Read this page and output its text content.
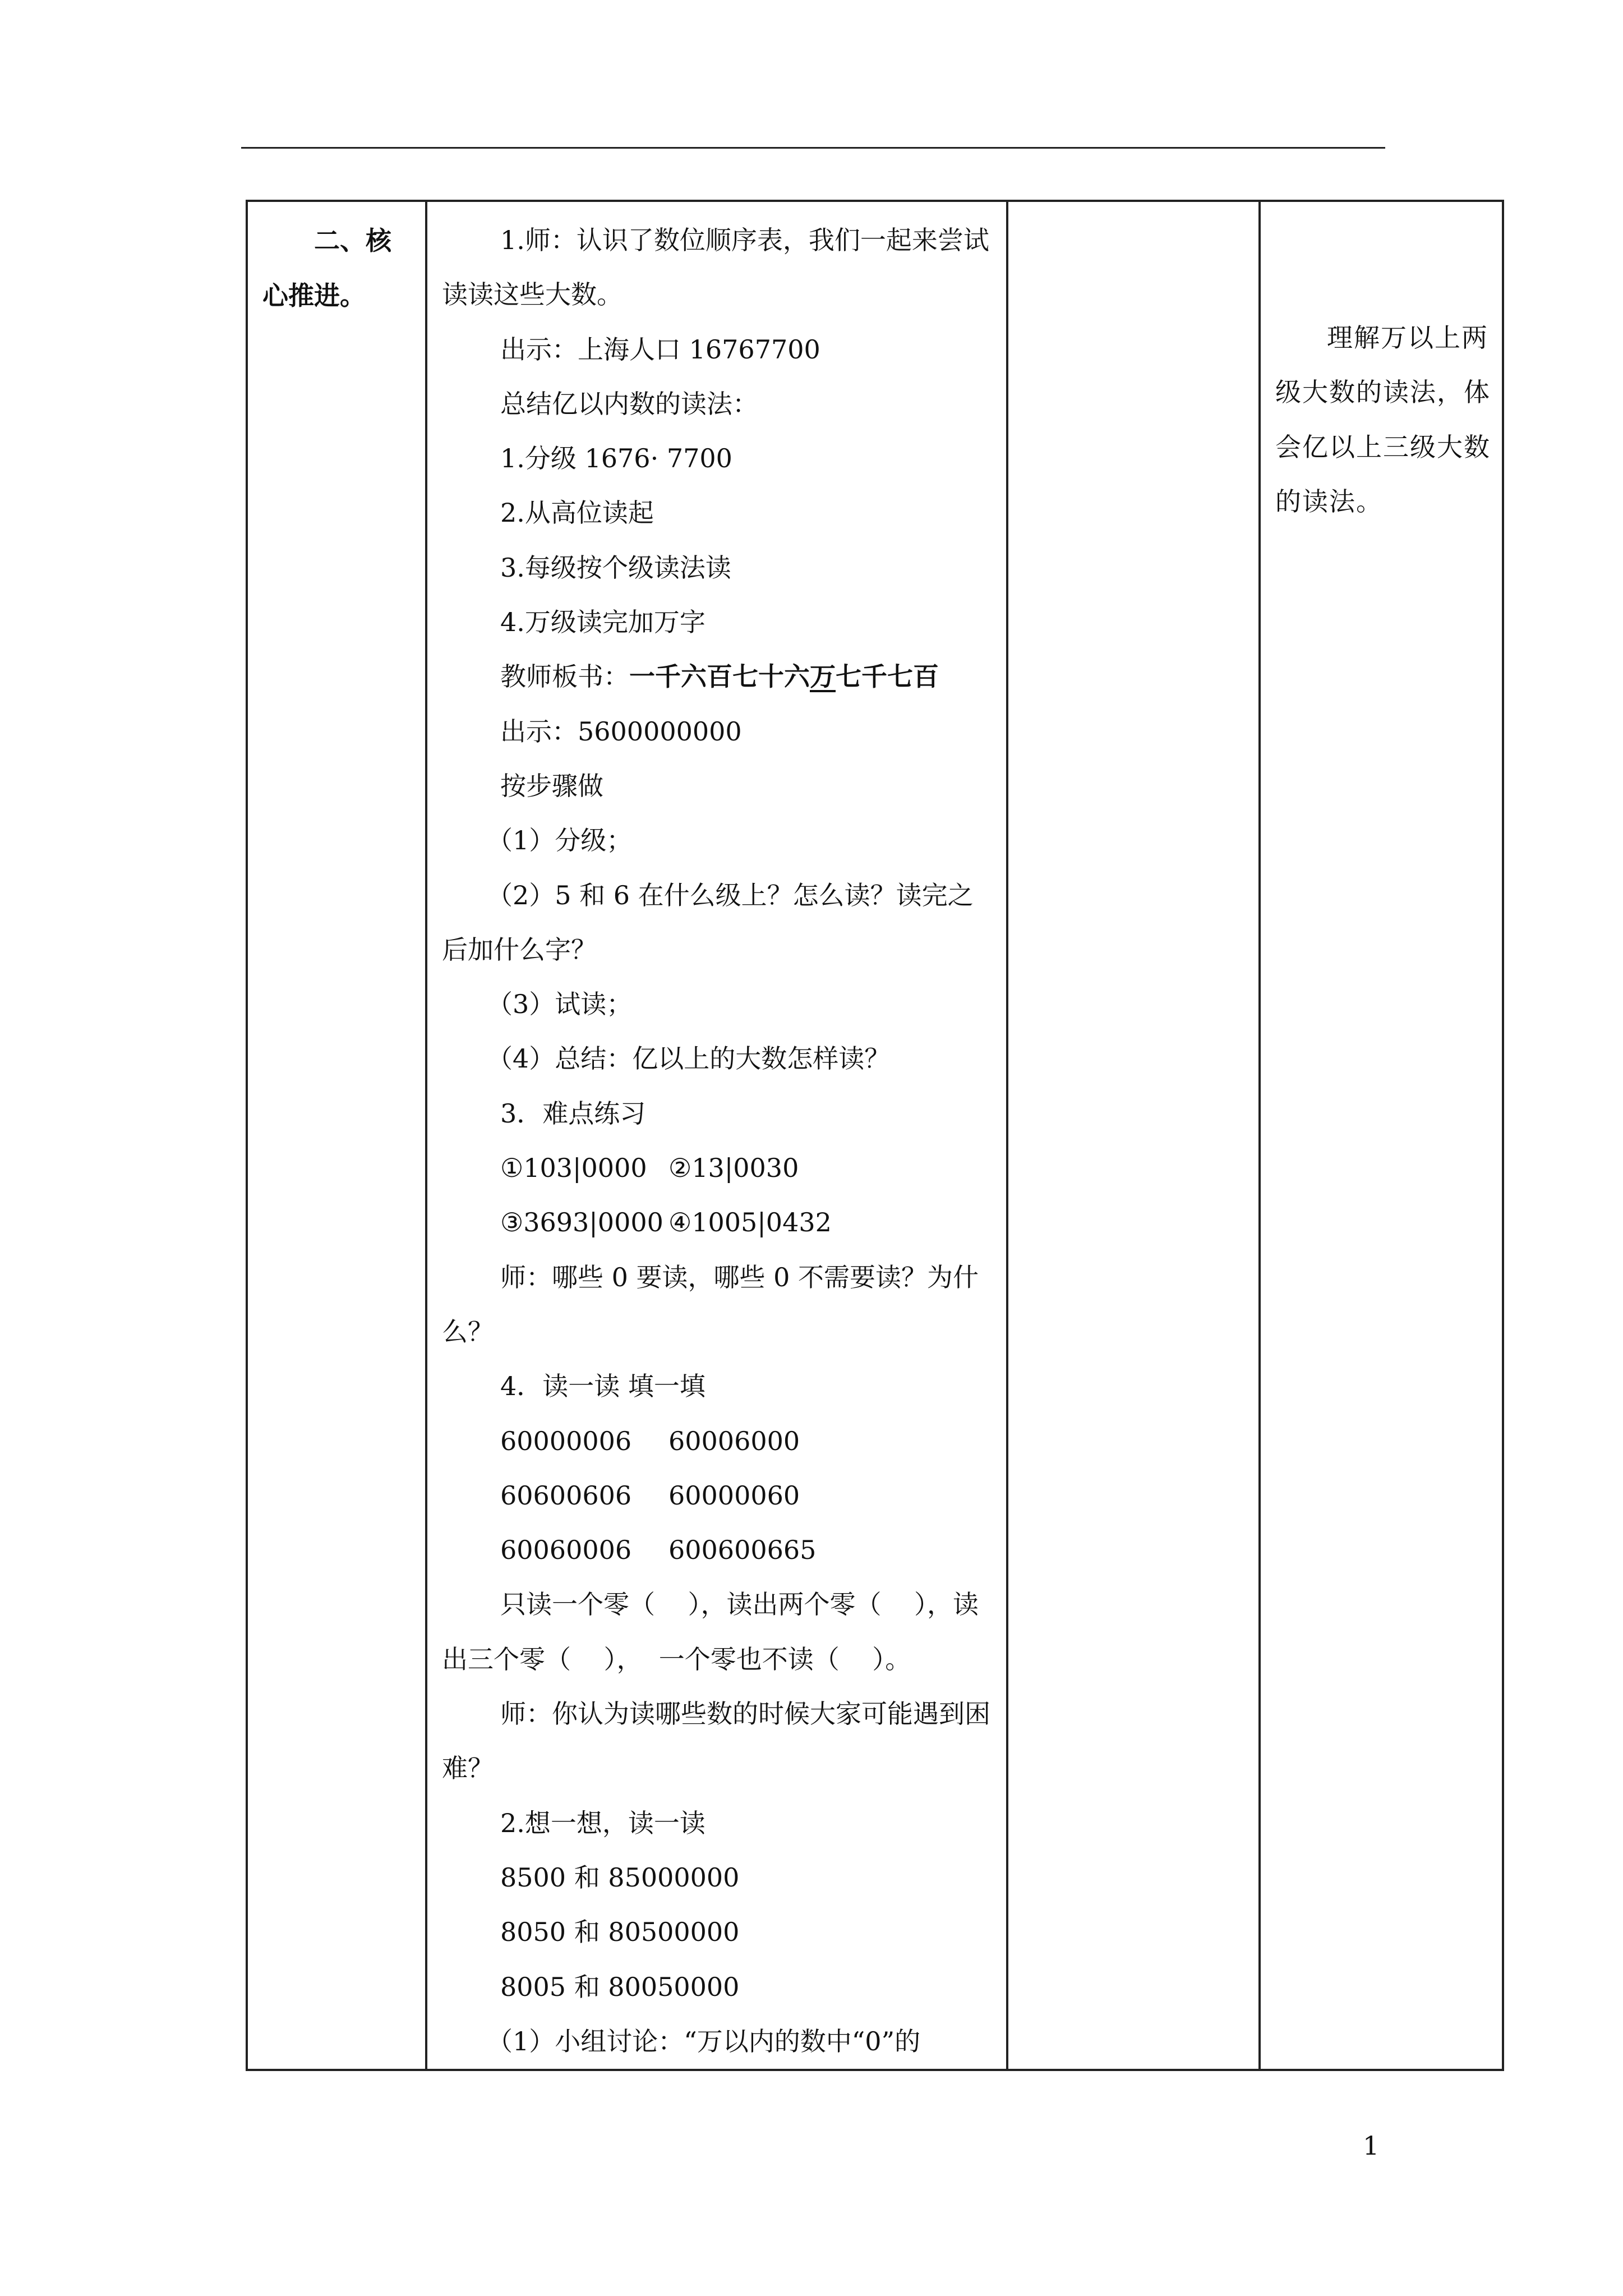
二、核心推进。

1.师：认识了数位顺序表，我们一起来尝试读读这些大数。
出示：上海人口 16767700
总结亿以内数的读法：
1.分级 1676· 7700
2.从高位读起
3.每级按个级读法读
4.万级读完加万字
教师板书：一千六百七十六万七千七百
出示：5600000000
按步骤做
（1）分级；
（2）5 和 6 在什么级上？怎么读？读完之后加什么字？
（3）试读；
（4）总结：亿以上的大数怎样读？
3．难点练习
①103|0000 ②13|0030
③3693|0000 ④1005|0432
师：哪些 0 要读，哪些 0 不需要读？为什么？
4．读一读 填一填
60000006 60006000
60600606 60000060
60060006 600600665
只读一个零（    ），读出两个零（    ），读出三个零（    ），  一个零也不读（    ）。
师：你认为读哪些数的时候大家可能遇到困难？
2.想一想，读一读
8500 和 85000000
8050 和 80500000
8005 和 80050000
（1）小组讨论：“万以内的数中“0”的

理解万以上两级大数的读法，体会亿以上三级大数的读法。
1
